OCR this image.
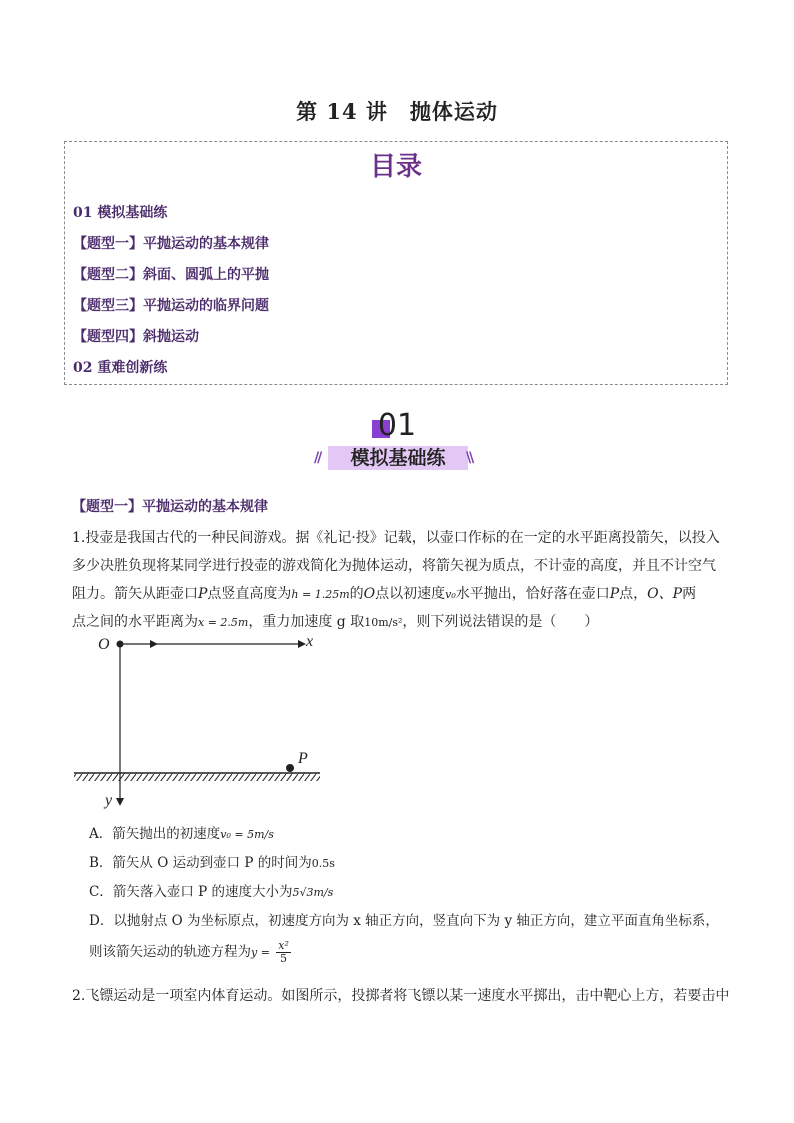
第 14 讲　抛体运动
目录
01 模拟基础练
【题型一】平抛运动的基本规律
【题型二】斜面、圆弧上的平抛
【题型三】平抛运动的临界问题
【题型四】斜抛运动
02 重难创新练
01
//	模拟基础练	\\
【题型一】平抛运动的基本规律
1.投壶是我国古代的一种民间游戏。据《礼记·投》记载，以壶口作标的在一定的水平距离投箭矢，以投入
多少决胜负现将某同学进行投壶的游戏简化为抛体运动，将箭矢视为质点，不计壶的高度，并且不计空气
阻力。箭矢从距壶口P点竖直高度为h = 1.25m的O点以初速度v₀水平抛出，恰好落在壶口P点，O、P两
点之间的水平距离为x = 2.5m，重力加速度 g 取10m/s²，则下列说法错误的是（　　）
O	x
y
P
A．箭矢抛出的初速度v₀ = 5m/s
B．箭矢从 O 运动到壶口 P 的时间为0.5s
C．箭矢落入壶口 P 的速度大小为5√3m/s
D．以抛射点 O 为坐标原点，初速度方向为 x 轴正方向，竖直向下为 y 轴正方向，建立平面直角坐标系，
则该箭矢运动的轨迹方程为$y = \frac{\text{x²}}{5}$
2.飞镖运动是一项室内体育运动。如图所示，投掷者将飞镖以某一速度水平掷出，击中靶心上方，若要击中
